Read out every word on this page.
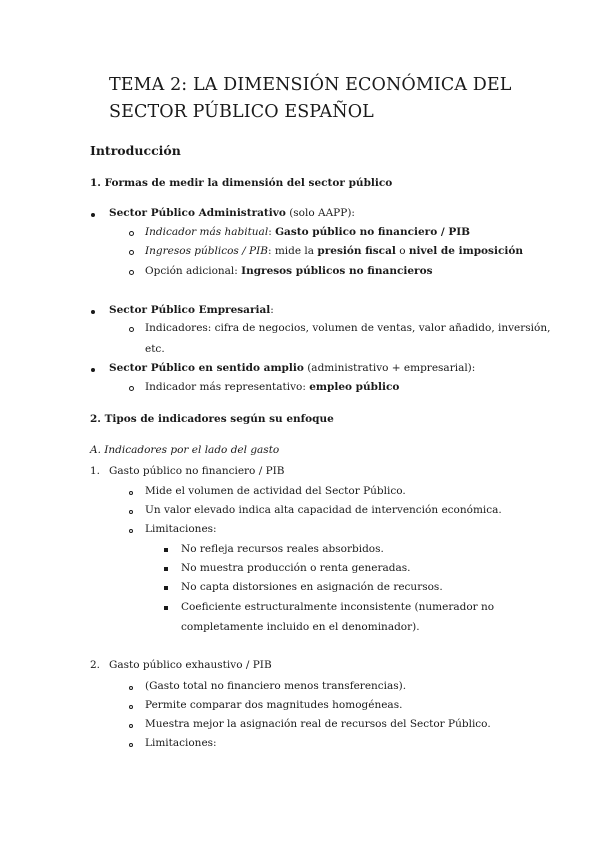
TEMA 2: LA DIMENSIÓN ECONÓMICA DEL
SECTOR PÚBLICO ESPAÑOL
Introducción
1. Formas de medir la dimensión del sector público
Sector Público Administrativo (solo AAPP):
Indicador más habitual: Gasto público no financiero / PIB
Ingresos públicos / PIB: mide la presión fiscal o nivel de imposición
Opción adicional: Ingresos públicos no financieros
Sector Público Empresarial:
Indicadores: cifra de negocios, volumen de ventas, valor añadido, inversión,
etc.
Sector Público en sentido amplio (administrativo + empresarial):
Indicador más representativo: empleo público
2. Tipos de indicadores según su enfoque
A. Indicadores por el lado del gasto
1. Gasto público no financiero / PIB
Mide el volumen de actividad del Sector Público.
Un valor elevado indica alta capacidad de intervención económica.
Limitaciones:
No refleja recursos reales absorbidos.
No muestra producción o renta generadas.
No capta distorsiones en asignación de recursos.
Coeficiente estructuralmente inconsistente (numerador no
completamente incluido en el denominador).
2. Gasto público exhaustivo / PIB
(Gasto total no financiero menos transferencias).
Permite comparar dos magnitudes homogéneas.
Muestra mejor la asignación real de recursos del Sector Público.
Limitaciones:
